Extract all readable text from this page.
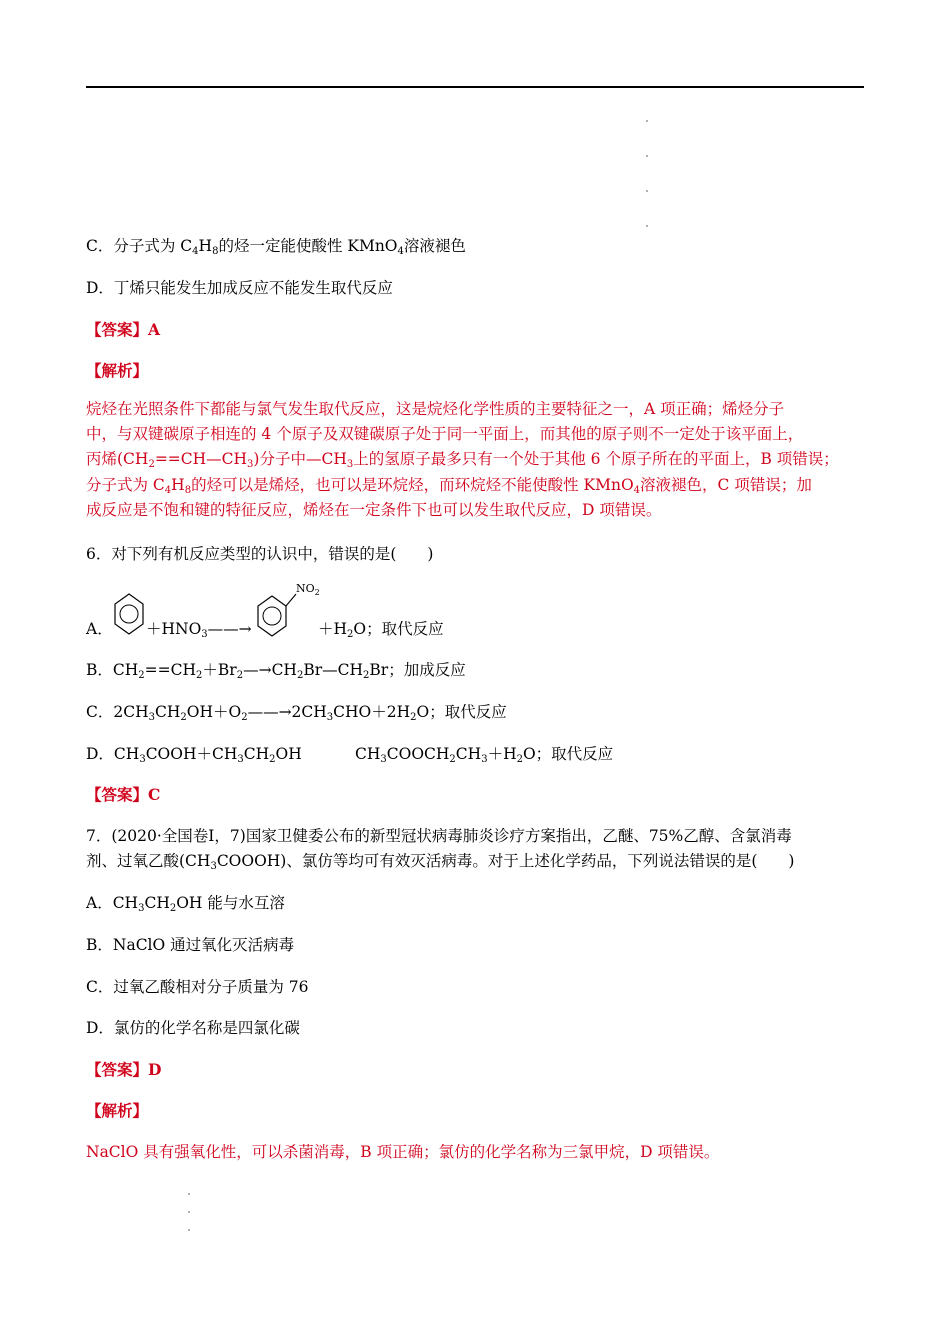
C．分子式为 $C_4H_8$的烃一定能使酸性 KMnO$_4$溶液褪色
D．丁烯只能发生加成反应不能发生取代反应
【答案】A
【解析】
烷烃在光照条件下都能与氯气发生取代反应，这是烷烃化学性质的主要特征之一，A 项正确；烯烃分子
中，与双键碳原子相连的 4 个原子及双键碳原子处于同一平面上，而其他的原子则不一定处于该平面上，
丙烯$(CH_2==CH—CH_3)$分子中$—CH_3$上的氢原子最多只有一个处于其他 6 个原子所在的平面上，B 项错误；
分子式为 $C_4H_8$的烃可以是烯烃，也可以是环烷烃，而环烷烃不能使酸性 KMnO$_4$溶液褪色，C 项错误；加
成反应是不饱和键的特征反应，烯烃在一定条件下也可以发生取代反应，D 项错误。
6．对下列有机反应类型的认识中，错误的是(　　)
$+HNO_3——\to$
A．
$NO_2$
$+H_2O$；取代反应
B．$CH_2==CH_2+Br_2—\to CH_2Br—CH_2Br$；加成反应
C．$2CH_3CH_2OH+O_2——\to 2CH_3CHO+2H_2O$；取代反应
D．$CH_3COOH+CH_3CH_2OH$	$CH_3COOCH_2CH_3+H_2O$；取代反应
【答案】C
7．(2020·全国卷Ⅰ，7)国家卫健委公布的新型冠状病毒肺炎诊疗方案指出，乙醚、75%乙醇、含氯消毒
剂、过氧乙酸$(CH_3COOOH)$、氯仿等均可有效灭活病毒。对于上述化学药品，下列说法错误的是(　　)
A．$CH_3CH_2OH$ 能与水互溶
B．NaClO 通过氧化灭活病毒
C．过氧乙酸相对分子质量为 76
D．氯仿的化学名称是四氯化碳
【答案】D
【解析】
NaClO 具有强氧化性，可以杀菌消毒，B 项正确；氯仿的化学名称为三氯甲烷，D 项错误。
